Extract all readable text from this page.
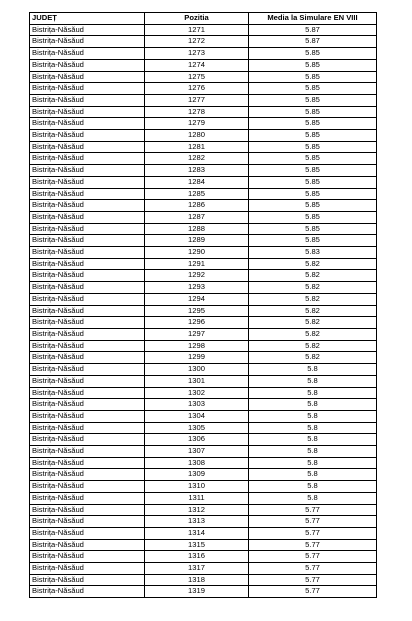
JUDEȚ	Pozitia	Media la Simulare EN VIII
Bistrița-Năsăud	1271	5.87
Bistrița-Năsăud	1272	5.87
Bistrița-Năsăud	1273	5.85
Bistrița-Năsăud	1274	5.85
Bistrița-Năsăud	1275	5.85
Bistrița-Năsăud	1276	5.85
Bistrița-Năsăud	1277	5.85
Bistrița-Năsăud	1278	5.85
Bistrița-Năsăud	1279	5.85
Bistrița-Năsăud	1280	5.85
Bistrița-Năsăud	1281	5.85
Bistrița-Năsăud	1282	5.85
Bistrița-Năsăud	1283	5.85
Bistrița-Năsăud	1284	5.85
Bistrița-Năsăud	1285	5.85
Bistrița-Năsăud	1286	5.85
Bistrița-Năsăud	1287	5.85
Bistrița-Năsăud	1288	5.85
Bistrița-Năsăud	1289	5.85
Bistrița-Năsăud	1290	5.83
Bistrița-Năsăud	1291	5.82
Bistrița-Năsăud	1292	5.82
Bistrița-Năsăud	1293	5.82
Bistrița-Năsăud	1294	5.82
Bistrița-Năsăud	1295	5.82
Bistrița-Năsăud	1296	5.82
Bistrița-Năsăud	1297	5.82
Bistrița-Năsăud	1298	5.82
Bistrița-Năsăud	1299	5.82
Bistrița-Năsăud	1300	5.8
Bistrița-Năsăud	1301	5.8
Bistrița-Năsăud	1302	5.8
Bistrița-Năsăud	1303	5.8
Bistrița-Năsăud	1304	5.8
Bistrița-Năsăud	1305	5.8
Bistrița-Năsăud	1306	5.8
Bistrița-Năsăud	1307	5.8
Bistrița-Năsăud	1308	5.8
Bistrița-Năsăud	1309	5.8
Bistrița-Năsăud	1310	5.8
Bistrița-Năsăud	1311	5.8
Bistrița-Năsăud	1312	5.77
Bistrița-Năsăud	1313	5.77
Bistrița-Năsăud	1314	5.77
Bistrița-Năsăud	1315	5.77
Bistrița-Năsăud	1316	5.77
Bistrița-Năsăud	1317	5.77
Bistrița-Năsăud	1318	5.77
Bistrița-Năsăud	1319	5.77
